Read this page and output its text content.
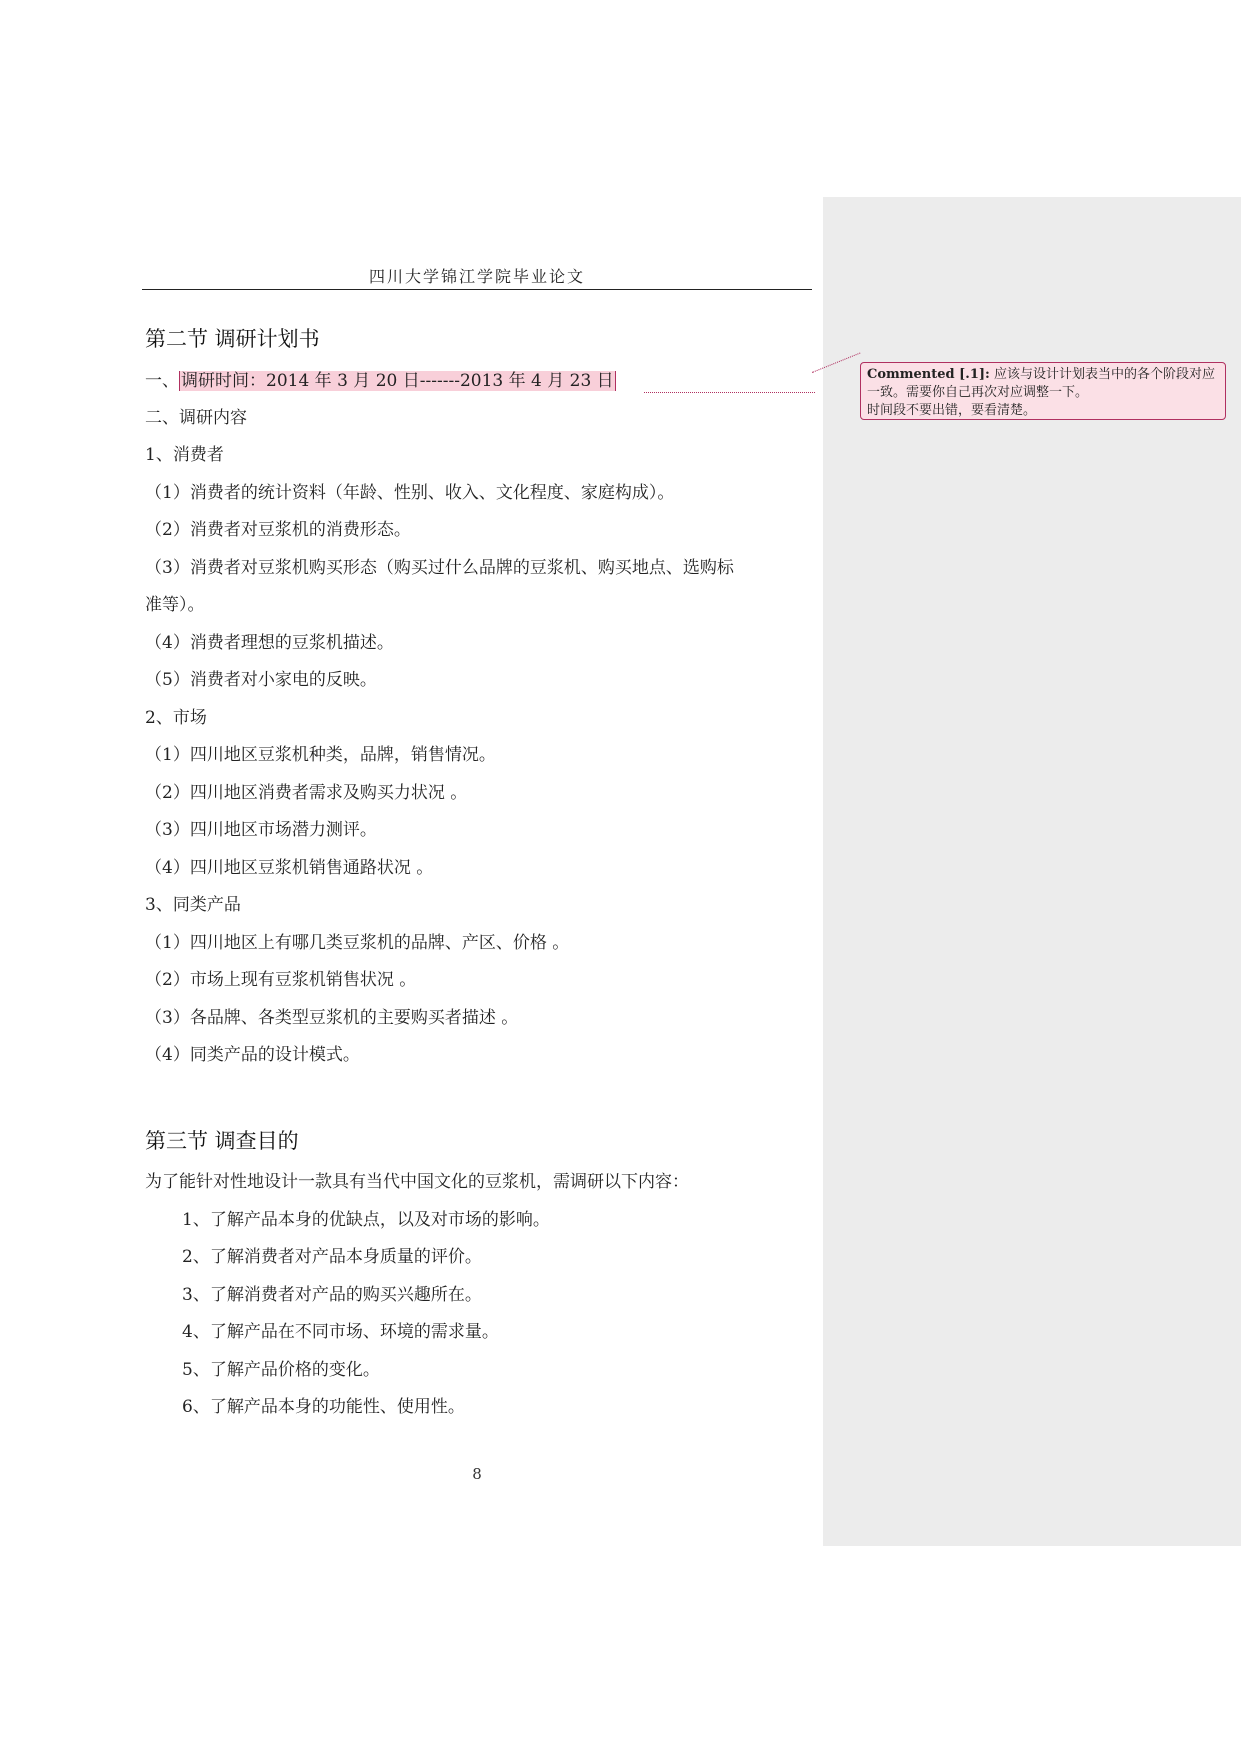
四川大学锦江学院毕业论文
第二节 调研计划书
一、 调研时间：2014 年 3 月 20 日-------2013 年 4 月 23 日
二、调研内容
1、消费者
（1）消费者的统计资料（年龄、性别、收入、文化程度、家庭构成）。
（2）消费者对豆浆机的消费形态。
（3）消费者对豆浆机购买形态（购买过什么品牌的豆浆机、购买地点、选购标
准等）。
（4）消费者理想的豆浆机描述。
（5）消费者对小家电的反映。
2、市场
（1）四川地区豆浆机种类，品牌，销售情况。
（2）四川地区消费者需求及购买力状况 。
（3）四川地区市场潜力测评。
（4）四川地区豆浆机销售通路状况 。
3、同类产品
（1）四川地区上有哪几类豆浆机的品牌、产区、价格 。
（2）市场上现有豆浆机销售状况 。
（3）各品牌、各类型豆浆机的主要购买者描述 。
（4）同类产品的设计模式。
第三节 调查目的
为了能针对性地设计一款具有当代中国文化的豆浆机，需调研以下内容：
1、了解产品本身的优缺点，以及对市场的影响。
2、了解消费者对产品本身质量的评价。
3、了解消费者对产品的购买兴趣所在。
4、了解产品在不同市场、环境的需求量。
5、了解产品价格的变化。
6、了解产品本身的功能性、使用性。
8
Commented [.1]: 应该与设计计划表当中的各个阶段对应
一致。需要你自己再次对应调整一下。
时间段不要出错，要看清楚。
